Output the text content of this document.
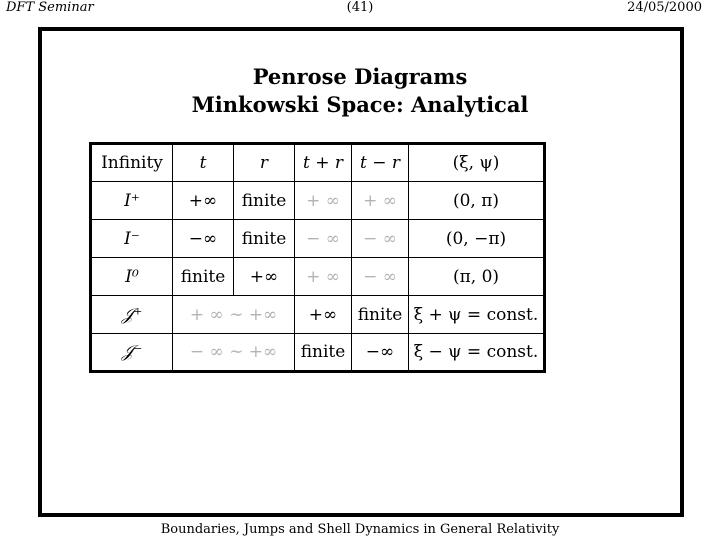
DFT Seminar	(41)	24/05/2000
Penrose Diagrams
Minkowski Space: Analytical
Infinity	t	r	t + r	t − r	(ξ, ψ)
I⁺	+∞	finite	+ ∞	+ ∞	(0, π)
I⁻	−∞	finite	− ∞	− ∞	(0, −π)
I⁰	finite	+∞	+ ∞	− ∞	(π, 0)
𝒥⁺	+ ∞ ∼ +∞		+∞	finite	ξ + ψ = const.
𝒥⁻	− ∞ ∼ +∞		finite	−∞	ξ − ψ = const.
Boundaries, Jumps and Shell Dynamics in General Relativity
